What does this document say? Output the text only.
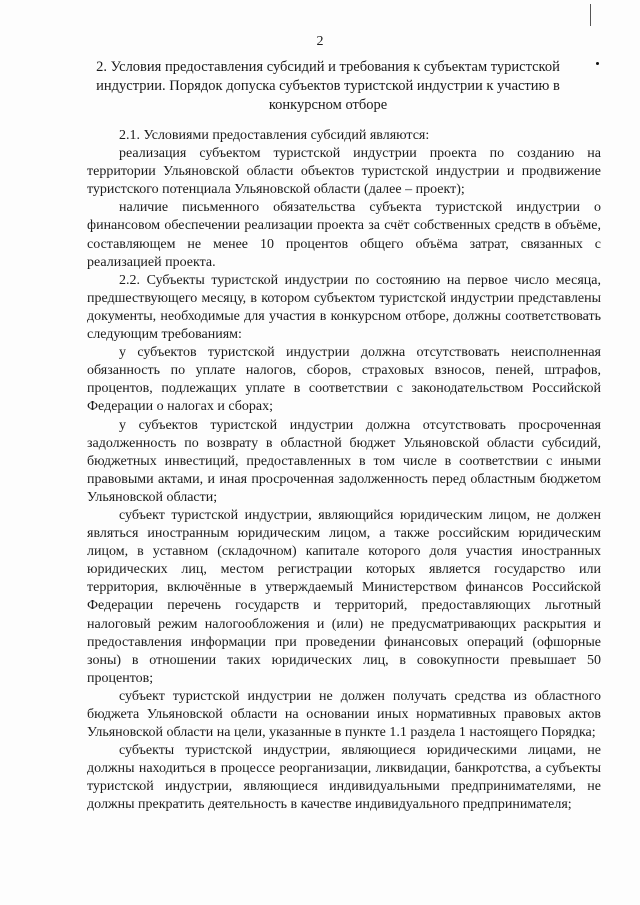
2
2. Условия предоставления субсидий и требования к субъектам туристской индустрии. Порядок допуска субъектов туристской индустрии к участию в конкурсном отборе

2.1. Условиями предоставления субсидий являются:

реализация субъектом туристской индустрии проекта по созданию на территории Ульяновской области объектов туристской индустрии и продвижение туристского потенциала Ульяновской области (далее – проект);

наличие письменного обязательства субъекта туристской индустрии о финансовом обеспечении реализации проекта за счёт собственных средств в объёме, составляющем не менее 10 процентов общего объёма затрат, связанных с реализацией проекта.

2.2. Субъекты туристской индустрии по состоянию на первое число месяца, предшествующего месяцу, в котором субъектом туристской индустрии представлены документы, необходимые для участия в конкурсном отборе, должны соответствовать следующим требованиям:

у субъектов туристской индустрии должна отсутствовать неисполненная обязанность по уплате налогов, сборов, страховых взносов, пеней, штрафов, процентов, подлежащих уплате в соответствии с законодательством Российской Федерации о налогах и сборах;

у субъектов туристской индустрии должна отсутствовать просроченная задолженность по возврату в областной бюджет Ульяновской области субсидий, бюджетных инвестиций, предоставленных в том числе в соответствии с иными правовыми актами, и иная просроченная задолженность перед областным бюджетом Ульяновской области;

субъект туристской индустрии, являющийся юридическим лицом, не должен являться иностранным юридическим лицом, а также российским юридическим лицом, в уставном (складочном) капитале которого доля участия иностранных юридических лиц, местом регистрации которых является государство или территория, включённые в утверждаемый Министерством финансов Российской Федерации перечень государств и территорий, предоставляющих льготный налоговый режим налогообложения и (или) не предусматривающих раскрытия и предоставления информации при проведении финансовых операций (офшорные зоны) в отношении таких юридических лиц, в совокупности превышает 50 процентов;

субъект туристской индустрии не должен получать средства из областного бюджета Ульяновской области на основании иных нормативных правовых актов Ульяновской области на цели, указанные в пункте 1.1 раздела 1 настоящего Порядка;

субъекты туристской индустрии, являющиеся юридическими лицами, не должны находиться в процессе реорганизации, ликвидации, банкротства, а субъекты туристской индустрии, являющиеся индивидуальными предпринимателями, не должны прекратить деятельность в качестве индивидуального предпринимателя;
